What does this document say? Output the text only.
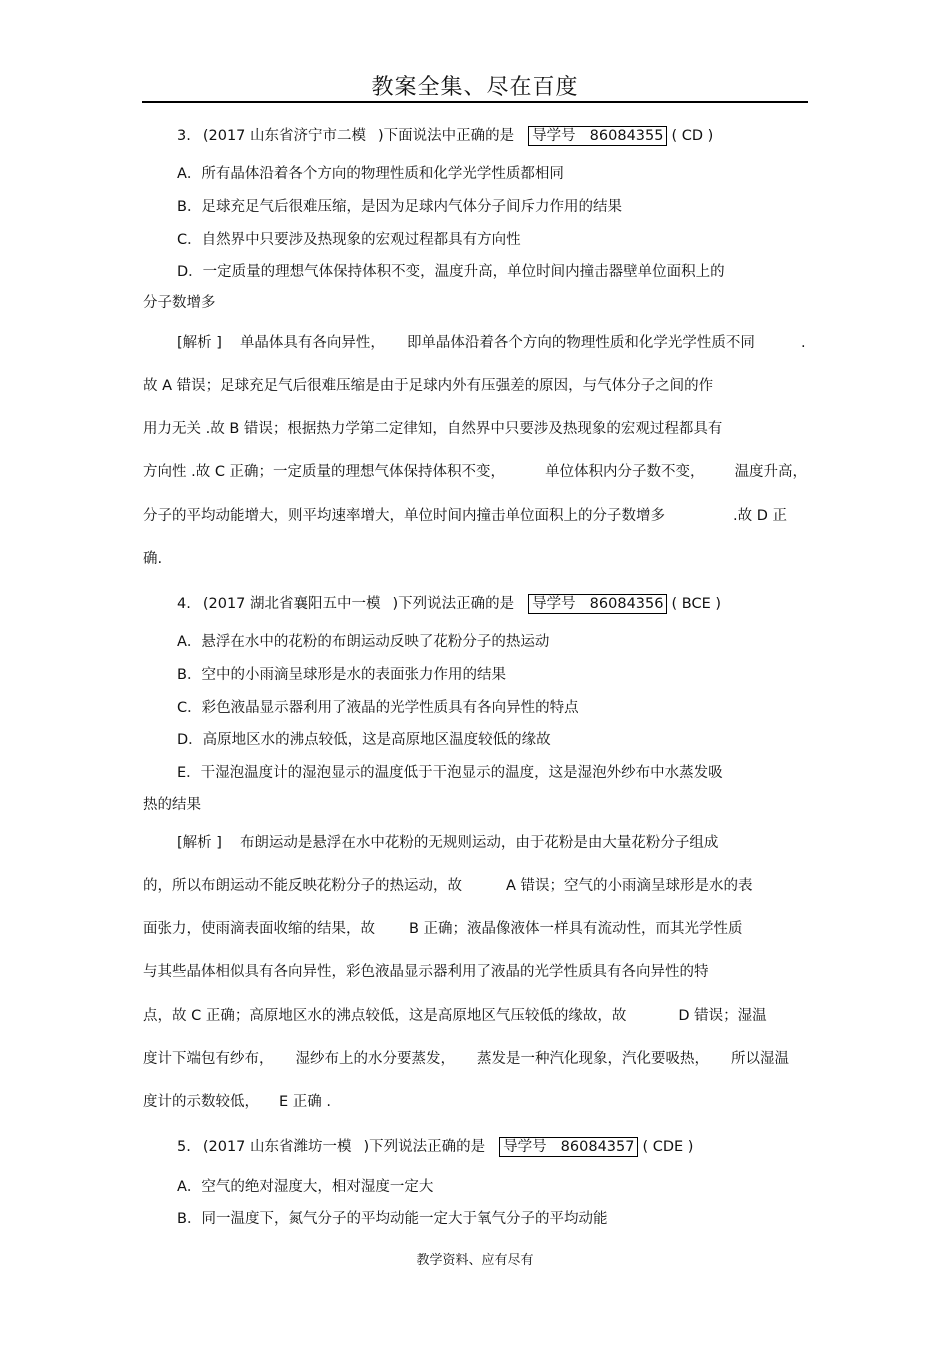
教案全集、尽在百度
3. (2017 山东省济宁市二模 )下面说法中正确的是 导学号 86084355 ( CD )
A．所有晶体沿着各个方向的物理性质和化学光学性质都相同
B．足球充足气后很难压缩，是因为足球内气体分子间斥力作用的结果
C．自然界中只要涉及热现象的宏观过程都具有方向性
D．一定质量的理想气体保持体积不变，温度升高，单位时间内撞击器壁单位面积上的
分子数增多
[解析 ] 单晶体具有各向异性， 即单晶体沿着各个方向的物理性质和化学光学性质不同	.
故 A 错误；足球充足气后很难压缩是由于足球内外有压强差的原因，与气体分子之间的作
用力无关 .故 B 错误；根据热力学第二定律知，自然界中只要涉及热现象的宏观过程都具有
方向性 .故 C 正确；一定质量的理想气体保持体积不变，	单位体积内分子数不变， 温度升高，
分子的平均动能增大，则平均速率增大，单位时间内撞击单位面积上的分子数增多	.故 D 正
确.
4. (2017 湖北省襄阳五中一模 )下列说法正确的是 导学号 86084356 ( BCE )
A．悬浮在水中的花粉的布朗运动反映了花粉分子的热运动
B．空中的小雨滴呈球形是水的表面张力作用的结果
C．彩色液晶显示器利用了液晶的光学性质具有各向异性的特点
D．高原地区水的沸点较低，这是高原地区温度较低的缘故
E．干湿泡温度计的湿泡显示的温度低于干泡显示的温度，这是湿泡外纱布中水蒸发吸
热的结果
[解析 ] 布朗运动是悬浮在水中花粉的无规则运动，由于花粉是由大量花粉分子组成
的，所以布朗运动不能反映花粉分子的热运动，故	A 错误；空气的小雨滴呈球形是水的表
面张力，使雨滴表面收缩的结果，故 B 正确；液晶像液体一样具有流动性，而其光学性质
与其些晶体相似具有各向异性，彩色液晶显示器利用了液晶的光学性质具有各向异性的特
点，故 C 正确；高原地区水的沸点较低，这是高原地区气压较低的缘故，故	D 错误；湿温
度计下端包有纱布， 湿纱布上的水分要蒸发， 蒸发是一种汽化现象，汽化要吸热， 所以湿温
度计的示数较低， E 正确 .
5. (2017 山东省潍坊一模 )下列说法正确的是 导学号 86084357 ( CDE )
A．空气的绝对湿度大，相对湿度一定大
B．同一温度下，氮气分子的平均动能一定大于氧气分子的平均动能
教学资料、应有尽有
